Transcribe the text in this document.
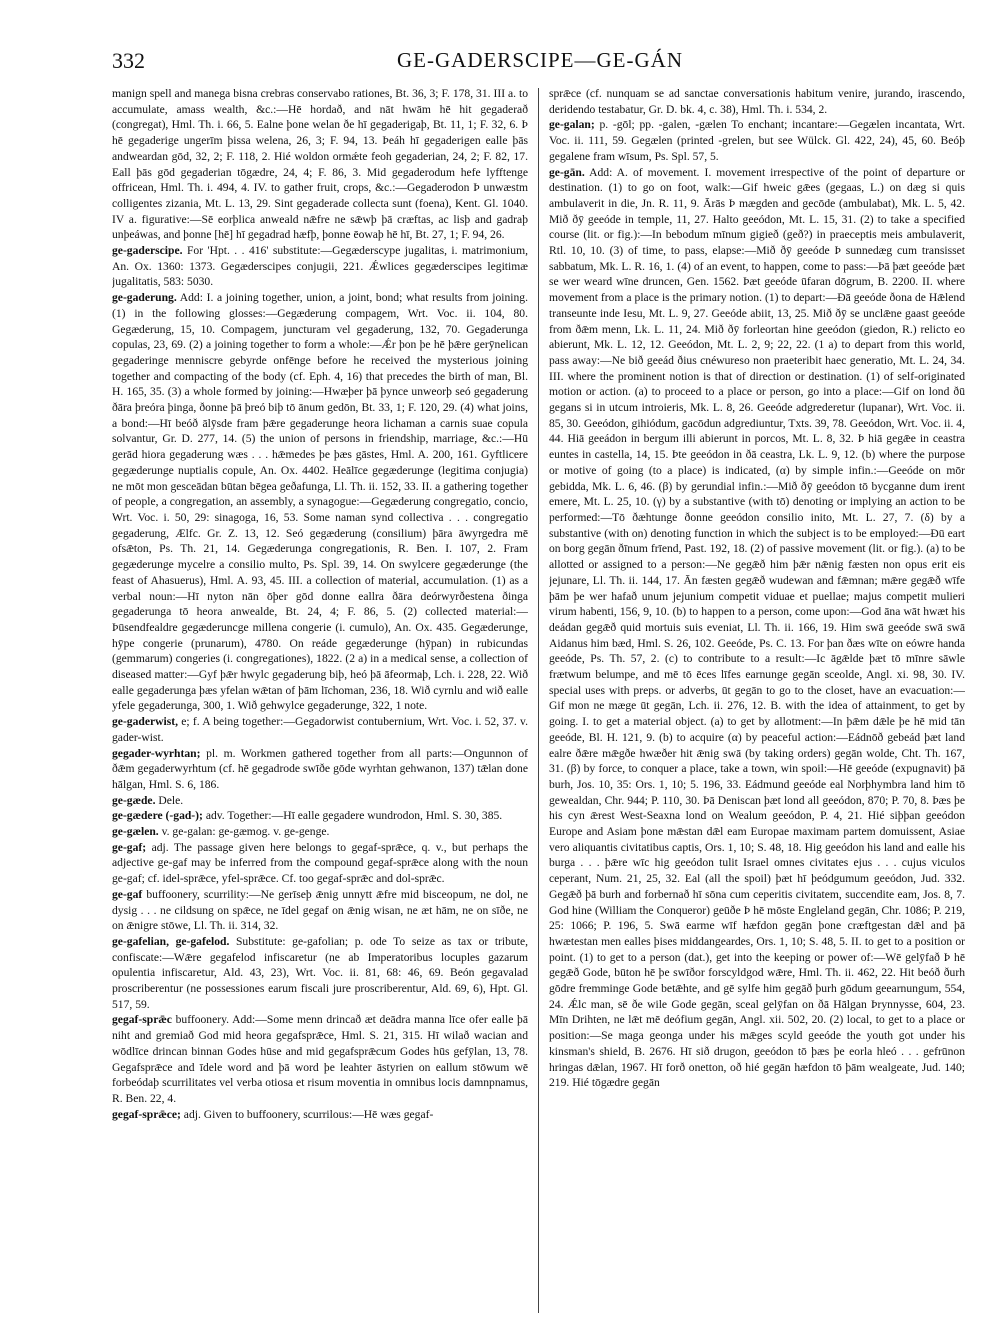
332	GE-GADERSCIPE—GE-GÁN

manign spell and manega bisna crebras conservabo rationes, Bt. 36, 3; F. 178, 31. III a. to accumulate, amass wealth, &c.:—Hē hordað, and nāt hwām hē hit gegaderað (congregat), Hml. Th. i. 66, 5. Ealne þone welan ðe hī gegaderigaþ, Bt. 11, 1; F. 32, 6. Þ hē gegaderige ungerīm þissa welena, 26, 3; F. 94, 13. Þeáh hī gegaderigen ealle þās andweardan gōd, 32, 2; F. 118, 2. Hié woldon ormǽte feoh gegaderian, 24, 2; F. 82, 17. Eall þās gōd gegaderian tōgædre, 24, 4; F. 86, 3. Mid gegaderodum hefe lyfftenge offricean, Hml. Th. i. 494, 4. IV. to gather fruit, crops, &c.:—Gegaderodon Þ unwæstm colligentes zizania, Mt. L. 13, 29. Sint gegaderade collecta sunt (foena), Kent. Gl. 1040. IV a. figurative:—Sē eorþlica anweald nǣfre ne sǣwþ þā cræftas, ac lisþ and gadraþ unþeáwas, and þonne [hē] hī gegadrad hæfþ, þonne ēowaþ hē hī, Bt. 27, 1; F. 94, 26.

ge-gaderscipe. For 'Hpt. . . 416' substitute:—Gegæderscype jugalitas, i. matrimonium, An. Ox. 1360: 1373. Gegæderscipes conjugii, 221. Ǽwlices gegæderscipes legitimæ jugalitatis, 583: 5030.

ge-gaderung. Add: I. a joining together, union, a joint, bond; what results from joining. (1) in the following glosses:—Gegæderung compagem, Wrt. Voc. ii. 104, 80. Gegæderung, 15, 10. Compagem, juncturam vel gegaderung, 132, 70. Gegaderunga copulas, 23, 69. (2) a joining together to form a whole:—Ǽr þon þe hē þǣre gerȳnelican gegaderinge menniscre gebyrde onfēnge before he received the mysterious joining together and compacting of the body (cf. Eph. 4, 16) that precedes the birth of man, Bl. H. 165, 35. (3) a whole formed by joining:—Hwæþer þā þynce unweorþ seó gegaderung ðāra þreóra þinga, ðonne þā þreó biþ tō ānum gedōn, Bt. 33, 1; F. 120, 29. (4) what joins, a bond:—Hī beóð ālȳsde fram þǣre gegaderunge heora lichaman a carnis suae copula solvantur, Gr. D. 277, 14. (5) the union of persons in friendship, marriage, &c.:—Hū gerād hiora gegaderung wæs . . . hǣmedes þe þæs gāstes, Hml. A. 200, 161. Gyftlicere gegæderunge nuptialis copule, An. Ox. 4402. Heālīce gegæderunge (legitima conjugia) ne mōt mon gesceādan būtan bēgea geðafunga, Ll. Th. ii. 152, 33. II. a gathering together of people, a congregation, an assembly, a synagogue:—Gegæderung congregatio, concio, Wrt. Voc. i. 50, 29: sinagoga, 16, 53. Some naman synd collectiva . . . congregatio gegaderung, Ælfc. Gr. Z. 13, 12. Seó gegæderung (consilium) þāra āwyrgedra mē ofsǣton, Ps. Th. 21, 14. Gegæderunga congregationis, R. Ben. I. 107, 2. Fram gegæderunge mycelre a consilio multo, Ps. Spl. 39, 14. On swylcere gegæderunge (the feast of Ahasuerus), Hml. A. 93, 45. III. a collection of material, accumulation. (1) as a verbal noun:—Hī nyton nān ōþer gōd donne eallra ðāra deórwyrðestena ðinga gegaderunga tō heora anwealde, Bt. 24, 4; F. 86, 5. (2) collected material:—Þūsendfealdre gegæderuncge millena congerie (i. cumulo), An. Ox. 435. Gegæderunge, hȳpe congerie (prunarum), 4780. On reáde gegæderunge (hȳpan) in rubicundas (gemmarum) congeries (i. congregationes), 1822. (2 a) in a medical sense, a collection of diseased matter:—Gyf þǣr hwylc gegaderung biþ, heó þā āfeormaþ, Lch. i. 228, 22. Wið ealle gegaderunga þæs yfelan wǣtan of þām līchoman, 236, 18. Wið cyrnlu and wið ealle yfele gegaderunga, 300, 1. Wið gehwylce gegaderunge, 322, 1 note.

ge-gaderwist, e; f. A being together:—Gegadorwist contubernium, Wrt. Voc. i. 52, 37. v. gader-wist.

gegader-wyrhtan; pl. m. Workmen gathered together from all parts:—Ongunnon of ðǣm gegaderwyrhtum (cf. hē gegadrode swīðe gōde wyrhtan gehwanon, 137) tǣlan done hālgan, Hml. S. 6, 186.

ge-gæde. Dele.

ge-gædere (-gad-); adv. Together:—Hī ealle gegadere wundrodon, Hml. S. 30, 385.

ge-gælen. v. ge-galan: ge-gæmog. v. ge-genge.

ge-gaf; adj. The passage given here belongs to gegaf-sprǣce, q. v., but perhaps the adjective ge-gaf may be inferred from the compound gegaf-sprǣce along with the noun ge-gaf; cf. idel-sprǣce, yfel-sprǣce. Cf. too gegaf-sprǣc and dol-sprǣc.

ge-gaf buffoonery, scurrility:—Ne gerīseþ ǣnig unnytt ǣfre mid bisceopum, ne dol, ne dysig . . . ne cildsung on spǣce, ne īdel gegaf on ǣnig wisan, ne æt hām, ne on sīðe, ne on ǣnigre stōwe, Ll. Th. ii. 314, 32.

ge-gafelian, ge-gafelod. Substitute: ge-gafolian; p. ode To seize as tax or tribute, confiscate:—Wǣre gegafelod infiscaretur (ne ab Imperatoribus locuples gazarum opulentia infiscaretur, Ald. 43, 23), Wrt. Voc. ii. 81, 68: 46, 69. Beón gegavalad proscriberentur (ne possessiones earum fiscali jure proscriberentur, Ald. 69, 6), Hpt. Gl. 517, 59.

gegaf-sprǣc buffoonery. Add:—Some menn drincað æt deādra manna līce ofer ealle þā niht and gremiað God mid heora gegafsprǣce, Hml. S. 21, 315. Hī wilað wacian and wōdlīce drincan binnan Godes hūse and mid gegafsprǣcum Godes hūs gefȳlan, 13, 78. Gegafsprǣce and īdele word and þā word þe leahter āstyrien on eallum stōwum wē forbeódaþ scurrilitates vel verba otiosa et risum moventia in omnibus locis damnpnamus, R. Ben. 22, 4.

gegaf-sprǣce; adj. Given to buffoonery, scurrilous:—Hē wæs gegaf-

sprǣce (cf. nunquam se ad sanctae conversationis habitum venire, jurando, irascendo, deridendo testabatur, Gr. D. bk. 4, c. 38), Hml. Th. i. 534, 2.

ge-galan; p. -gōl; pp. -galen, -gælen To enchant; incantare:—Gegælen incantata, Wrt. Voc. ii. 111, 59. Gegælen (printed -grelen, but see Wülck. Gl. 422, 24), 45, 60. Beóþ gegalene fram wīsum, Ps. Spl. 57, 5.

ge-gān. Add: A. of movement. I. movement irrespective of the point of departure or destination. (1) to go on foot, walk:—Gif hweic gǣes (gegaas, L.) on dæg si quis ambulaverit in die, Jn. R. 11, 9. Ārās Þ mægden and gecōde (ambulabat), Mk. L. 5, 42. Mið ðȳ geeóde in temple, 11, 27. Halto geeódon, Mt. L. 15, 31. (2) to take a specified course (lit. or fig.):—In bebodum mīnum gigieð (geð?) in praeceptis meis ambulaverit, Rtl. 10, 10. (3) of time, to pass, elapse:—Mið ðȳ geeóde Þ sunnedæg cum transisset sabbatum, Mk. L. R. 16, 1. (4) of an event, to happen, come to pass:—Þā þæt geeóde þæt se wer weard wīne druncen, Gen. 1562. Þæt geeóde ūfaran dōgrum, B. 2200. II. where movement from a place is the primary notion. (1) to depart:—Ðā geeóde ðona de Hǣlend transeunte inde Iesu, Mt. L. 9, 27. Geeóde abiit, 13, 25. Mið ðȳ se unclǣne gaast geeóde from ðǣm menn, Lk. L. 11, 24. Mið ðȳ forleortan hine geeódon (giedon, R.) relicto eo abierunt, Mk. L. 12, 12. Geeódon, Mt. L. 2, 9; 22, 22. (1 a) to depart from this world, pass away:—Ne bið geeád ðius cnéwureso non praeteribit haec generatio, Mt. L. 24, 34. III. where the prominent notion is that of direction or destination. (1) of self-originated motion or action. (a) to proceed to a place or person, go into a place:—Gif on lond ðū gegans si in utcum introieris, Mk. L. 8, 26. Geeóde adgrederetur (lupanar), Wrt. Voc. ii. 85, 30. Geeódon, gihiódum, gacōdun adgrediuntur, Txts. 39, 78. Geeódon, Wrt. Voc. ii. 4, 44. Hiā geeádon in bergum illi abierunt in porcos, Mt. L. 8, 32. Þ hiā gegǣe in ceastra euntes in castella, 14, 15. Þte geeódon in ðā ceastra, Lk. L. 9, 12. (b) where the purpose or motive of going (to a place) is indicated, (α) by simple infin.:—Geeóde on mōr gebidda, Mk. L. 6, 46. (β) by gerundial infin.:—Mið ðȳ geeódon tō bycganne dum irent emere, Mt. L. 25, 10. (γ) by a substantive (with tō) denoting or implying an action to be performed:—Tō ðæhtunge ðonne geeódon consilio inito, Mt. L. 27, 7. (δ) by a substantive (with on) denoting function in which the subject is to be employed:—Ðū eart on borg gegān ðīnum frīend, Past. 192, 18. (2) of passive movement (lit. or fig.). (a) to be allotted or assigned to a person:—Ne gegǣð him þǣr nǣnig fæsten non opus erit eis jejunare, Ll. Th. ii. 144, 17. Ān fæsten gegǣð wudewan and fǣmnan; mǣre gegǣð wīfe þām þe wer hafað unum jejunium competit viduae et puellae; majus competit mulieri virum habenti, 156, 9, 10. (b) to happen to a person, come upon:—God āna wāt hwæt his deádan gegǣð quid mortuis suis eveniat, Ll. Th. ii. 166, 19. Him swā geeóde swā swā Aidanus him bæd, Hml. S. 26, 102. Geeóde, Ps. C. 13. For þan ðæs wīte on eówre handa geeóde, Ps. Th. 57, 2. (c) to contribute to a result:—Ic āgǣlde þæt tō mīnre sāwle frætwum belumpe, and mē tō ēces līfes earnunge gegān sceolde, Angl. xi. 98, 30. IV. special uses with preps. or adverbs, ūt gegān to go to the closet, have an evacuation:—Gif mon ne mæge ūt gegān, Lch. ii. 276, 12. B. with the idea of attainment, to get by going. I. to get a material object. (a) to get by allotment:—In þǣm dǣle þe hē mid tān geeóde, Bl. H. 121, 9. (b) to acquire (α) by peaceful action:—Eádnōð gebeád þæt land ealre ðǣre mǣgðe hwæðer hit ǣnig swā (by taking orders) gegān wolde, Cht. Th. 167, 31. (β) by force, to conquer a place, take a town, win spoil:—Hē geeóde (expugnavit) þā burh, Jos. 10, 35: Ors. 1, 10; 5. 196, 33. Eádmund geeóde eal Norþhymbra land him tō gewealdan, Chr. 944; P. 110, 30. Þā Deniscan þæt lond all geeódon, 870; P. 70, 8. Þæs þe his cyn ǣrest West-Seaxna lond on Wealum geeódon, P. 4, 21. Hié siþþan geeódon Europe and Asiam þone mǣstan dǣl eam Europae maximam partem domuissent, Asiae vero aliquantis civitatibus captis, Ors. 1, 10; S. 48, 18. Hig geeódon his land and ealle his burga . . . þǣre wīc hig geeódon tulit Israel omnes civitates ejus . . . cujus viculos ceperant, Num. 21, 25, 32. Eal (all the spoil) þæt hī þeódgumum geeódon, Jud. 332. Gegǣð þā burh and forbernað hī sōna cum ceperitis civitatem, succendite eam, Jos. 8, 7. God hine (William the Conqueror) geūðe Þ hē mōste Engleland gegān, Chr. 1086; P. 219, 25: 1066; P. 196, 5. Swā earme wīf hæfdon gegān þone cræftgestan dǣl and þā hwætestan men ealles þises middangeardes, Ors. 1, 10; S. 48, 5. II. to get to a position or point. (1) to get to a person (dat.), get into the keeping or power of:—Wē gelȳfað Þ hē gegǣð Gode, būton hē þe swīðor forscyldgod wǣre, Hml. Th. ii. 462, 22. Hit beóð ðurh gōdre fremminge Gode betǣhte, and gē sylfe him gegāð þurh gōdum geearnungum, 554, 24. Ǽlc man, sē ðe wile Gode gegān, sceal gelȳfan on ðā Hālgan Þrynnysse, 604, 23. Mīn Drihten, ne lǣt mē deófium gegān, Angl. xii. 502, 20. (2) local, to get to a place or position:—Se maga geonga under his mǣges scyld geeóde the youth got under his kinsman's shield, B. 2676. Hī sið drugon, geeódon tō þæs þe eorla hleó . . . gefrūnon hringas dǣlan, 1967. Hī forð onetton, oð hié gegān hæfdon tō þām wealgeate, Jud. 140; 219. Hié tōgædre gegān
